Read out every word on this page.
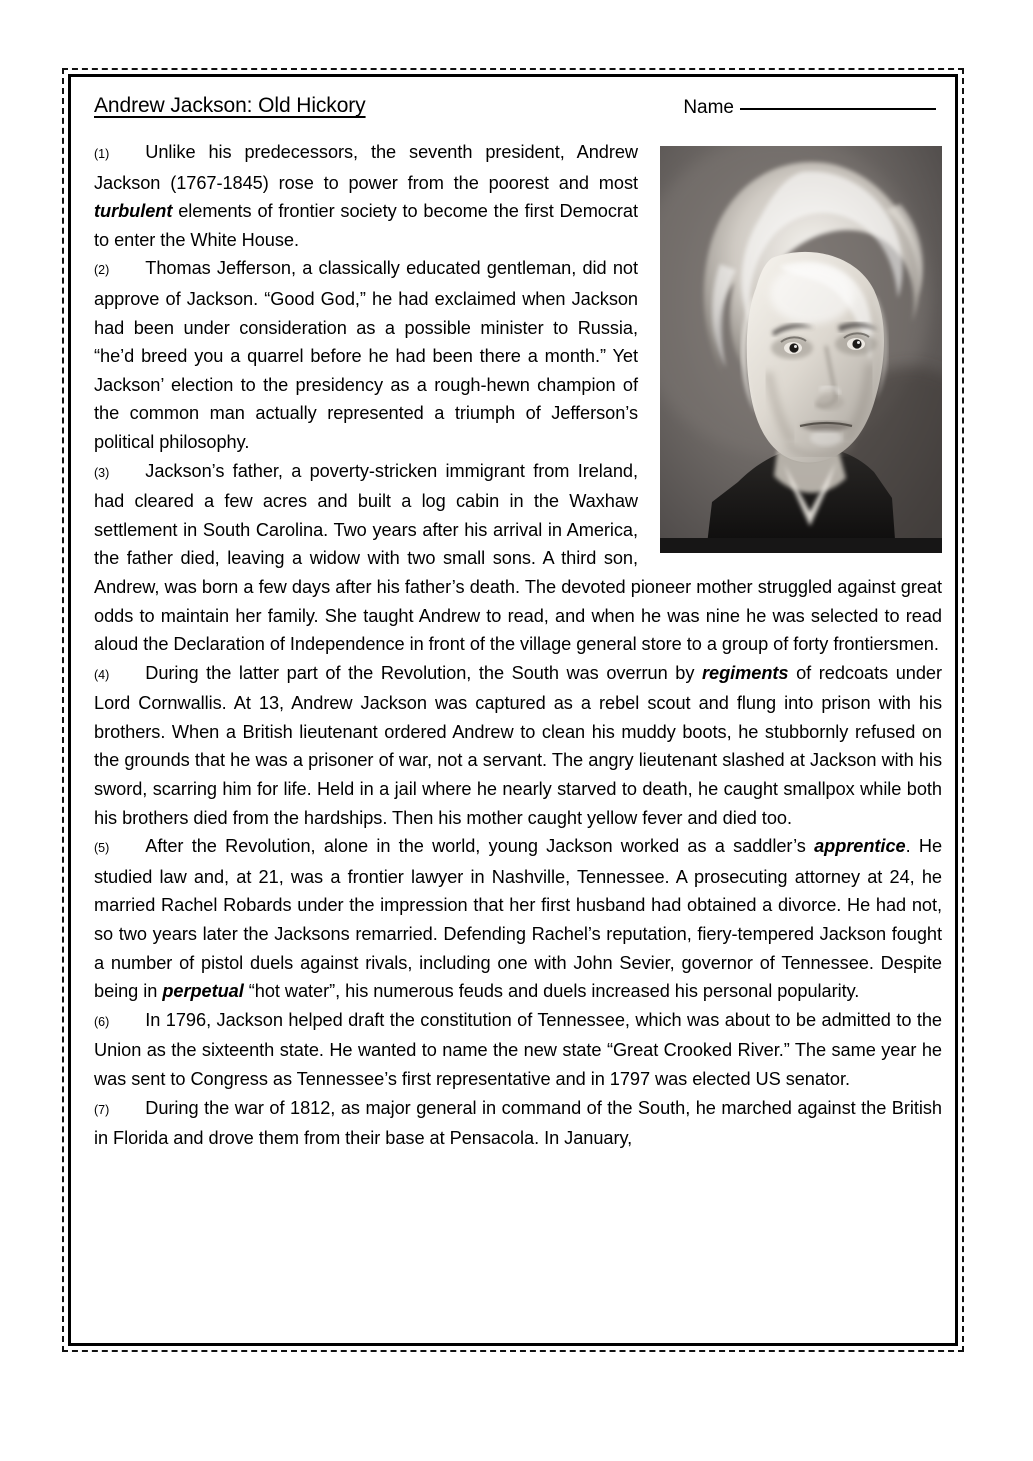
Andrew Jackson: Old Hickory	Name

(1) Unlike his predecessors, the seventh president, Andrew Jackson (1767-1845) rose to power from the poorest and most turbulent elements of frontier society to become the first Democrat to enter the White House.

(2) Thomas Jefferson, a classically educated gentleman, did not approve of Jackson. “Good God,” he had exclaimed when Jackson had been under consideration as a possible minister to Russia, “he’d breed you a quarrel before he had been there a month.” Yet Jackson’ election to the presidency as a rough-hewn champion of the common man actually represented a triumph of Jefferson’s political philosophy.

(3) Jackson’s father, a poverty-stricken immigrant from Ireland, had cleared a few acres and built a log cabin in the Waxhaw settlement in South Carolina. Two years after his arrival in America, the father died, leaving a widow with two small sons. A third son, Andrew, was born a few days after his father’s death. The devoted pioneer mother struggled against great odds to maintain her family. She taught Andrew to read, and when he was nine he was selected to read aloud the Declaration of Independence in front of the village general store to a group of forty frontiersmen.

(4) During the latter part of the Revolution, the South was overrun by regiments of redcoats under Lord Cornwallis. At 13, Andrew Jackson was captured as a rebel scout and flung into prison with his brothers. When a British lieutenant ordered Andrew to clean his muddy boots, he stubbornly refused on the grounds that he was a prisoner of war, not a servant. The angry lieutenant slashed at Jackson with his sword, scarring him for life. Held in a jail where he nearly starved to death, he caught smallpox while both his brothers died from the hardships. Then his mother caught yellow fever and died too.

(5) After the Revolution, alone in the world, young Jackson worked as a saddler’s apprentice. He studied law and, at 21, was a frontier lawyer in Nashville, Tennessee. A prosecuting attorney at 24, he married Rachel Robards under the impression that her first husband had obtained a divorce. He had not, so two years later the Jacksons remarried. Defending Rachel’s reputation, fiery-tempered Jackson fought a number of pistol duels against rivals, including one with John Sevier, governor of Tennessee. Despite being in perpetual “hot water”, his numerous feuds and duels increased his personal popularity.

(6) In 1796, Jackson helped draft the constitution of Tennessee, which was about to be admitted to the Union as the sixteenth state. He wanted to name the new state “Great Crooked River.” The same year he was sent to Congress as Tennessee’s first representative and in 1797 was elected US senator.

(7) During the war of 1812, as major general in command of the South, he marched against the British in Florida and drove them from their base at Pensacola. In January,
